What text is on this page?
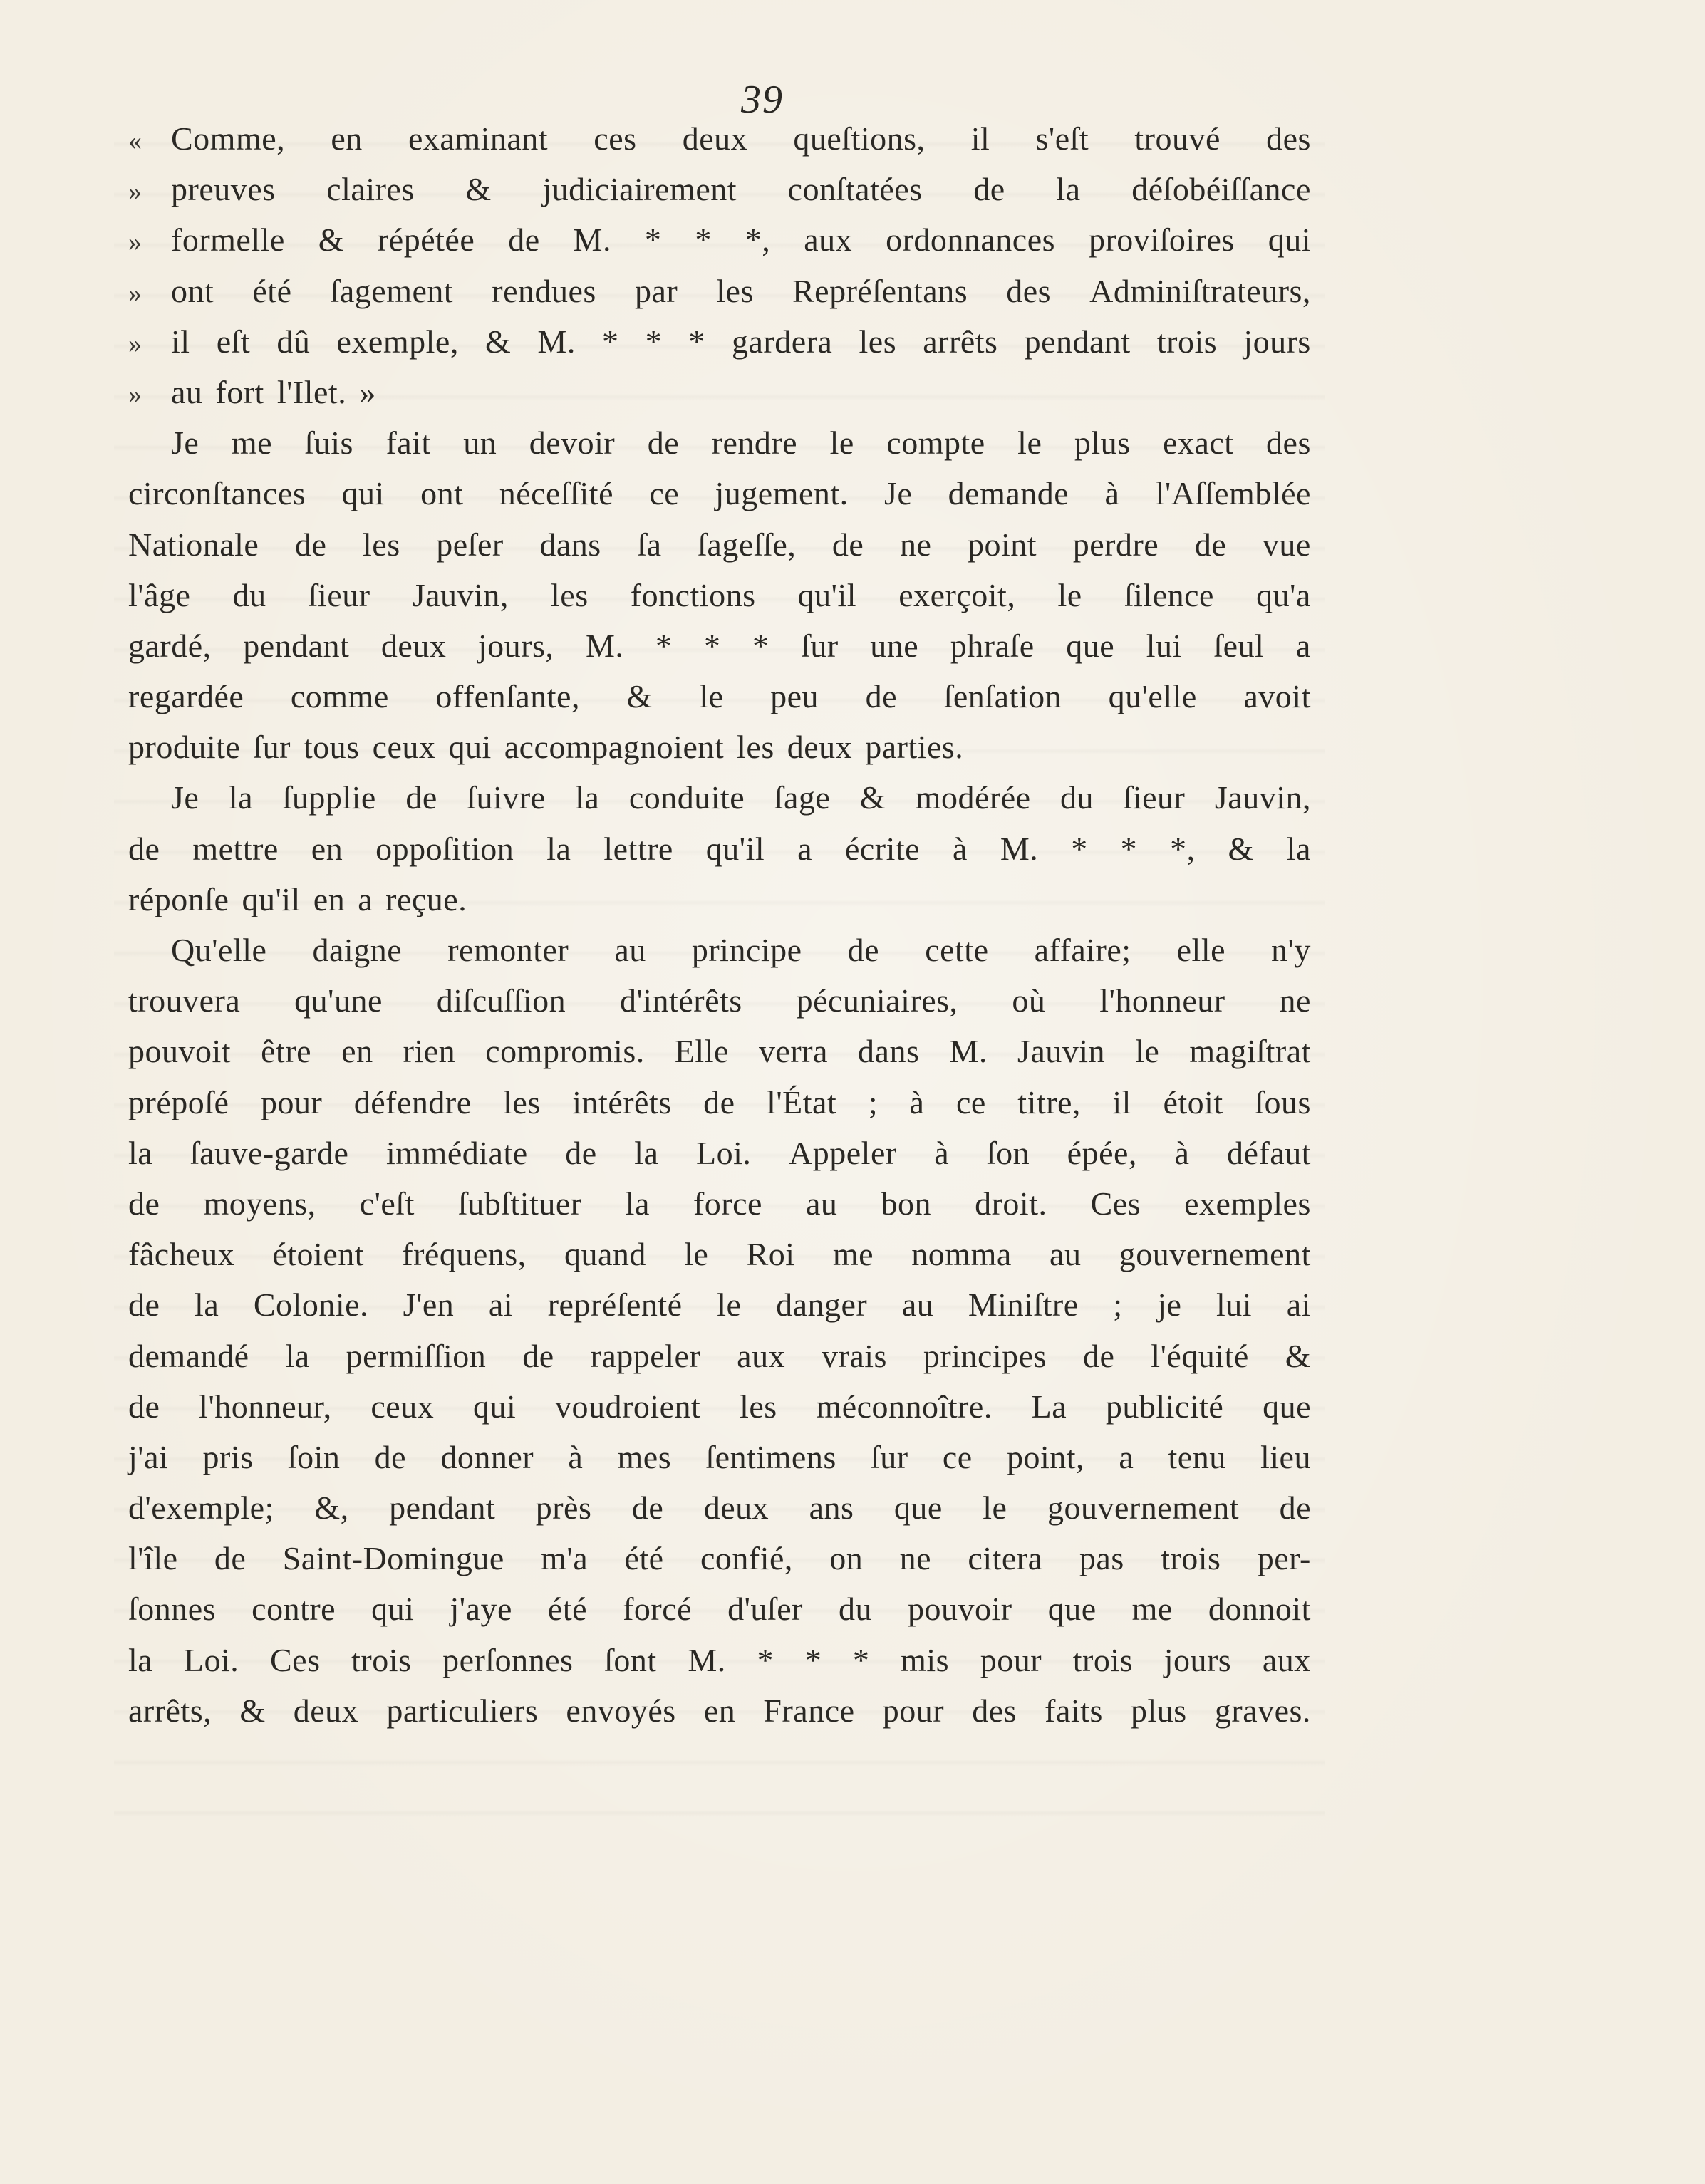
39
« Comme, en examinant ces deux queſtions, il s'eſt trouvé des
» preuves claires & judiciairement conſtatées de la déſobéiſſance
» formelle & répétée de M. * * *, aux ordonnances proviſoires qui
» ont été ſagement rendues par les Repréſentans des Adminiſtrateurs,
» il eſt dû exemple, & M. * * * gardera les arrêts pendant trois jours
» au fort l'Ilet. »
Je me ſuis fait un devoir de rendre le compte le plus exact des
circonſtances qui ont néceſſité ce jugement. Je demande à l'Aſſemblée
Nationale de les peſer dans ſa ſageſſe, de ne point perdre de vue
l'âge du ſieur Jauvin, les fonctions qu'il exerçoit, le ſilence qu'a
gardé, pendant deux jours, M. * * * ſur une phraſe que lui ſeul a
regardée comme offenſante, & le peu de ſenſation qu'elle avoit
produite ſur tous ceux qui accompagnoient les deux parties.
Je la ſupplie de ſuivre la conduite ſage & modérée du ſieur Jauvin,
de mettre en oppoſition la lettre qu'il a écrite à M. * * *, & la
réponſe qu'il en a reçue.
Qu'elle daigne remonter au principe de cette affaire; elle n'y
trouvera qu'une diſcuſſion d'intérêts pécuniaires, où l'honneur ne
pouvoit être en rien compromis. Elle verra dans M. Jauvin le magiſtrat
prépoſé pour défendre les intérêts de l'État ; à ce titre, il étoit ſous
la ſauve-garde immédiate de la Loi. Appeler à ſon épée, à défaut
de moyens, c'eſt ſubſtituer la force au bon droit. Ces exemples
fâcheux étoient fréquens, quand le Roi me nomma au gouvernement
de la Colonie. J'en ai repréſenté le danger au Miniſtre ; je lui ai
demandé la permiſſion de rappeler aux vrais principes de l'équité &
de l'honneur, ceux qui voudroient les méconnoître. La publicité que
j'ai pris ſoin de donner à mes ſentimens ſur ce point, a tenu lieu
d'exemple; &, pendant près de deux ans que le gouvernement de
l'île de Saint-Domingue m'a été confié, on ne citera pas trois per-
ſonnes contre qui j'aye été forcé d'uſer du pouvoir que me donnoit
la Loi. Ces trois perſonnes ſont M. * * * mis pour trois jours aux
arrêts, & deux particuliers envoyés en France pour des faits plus graves.
